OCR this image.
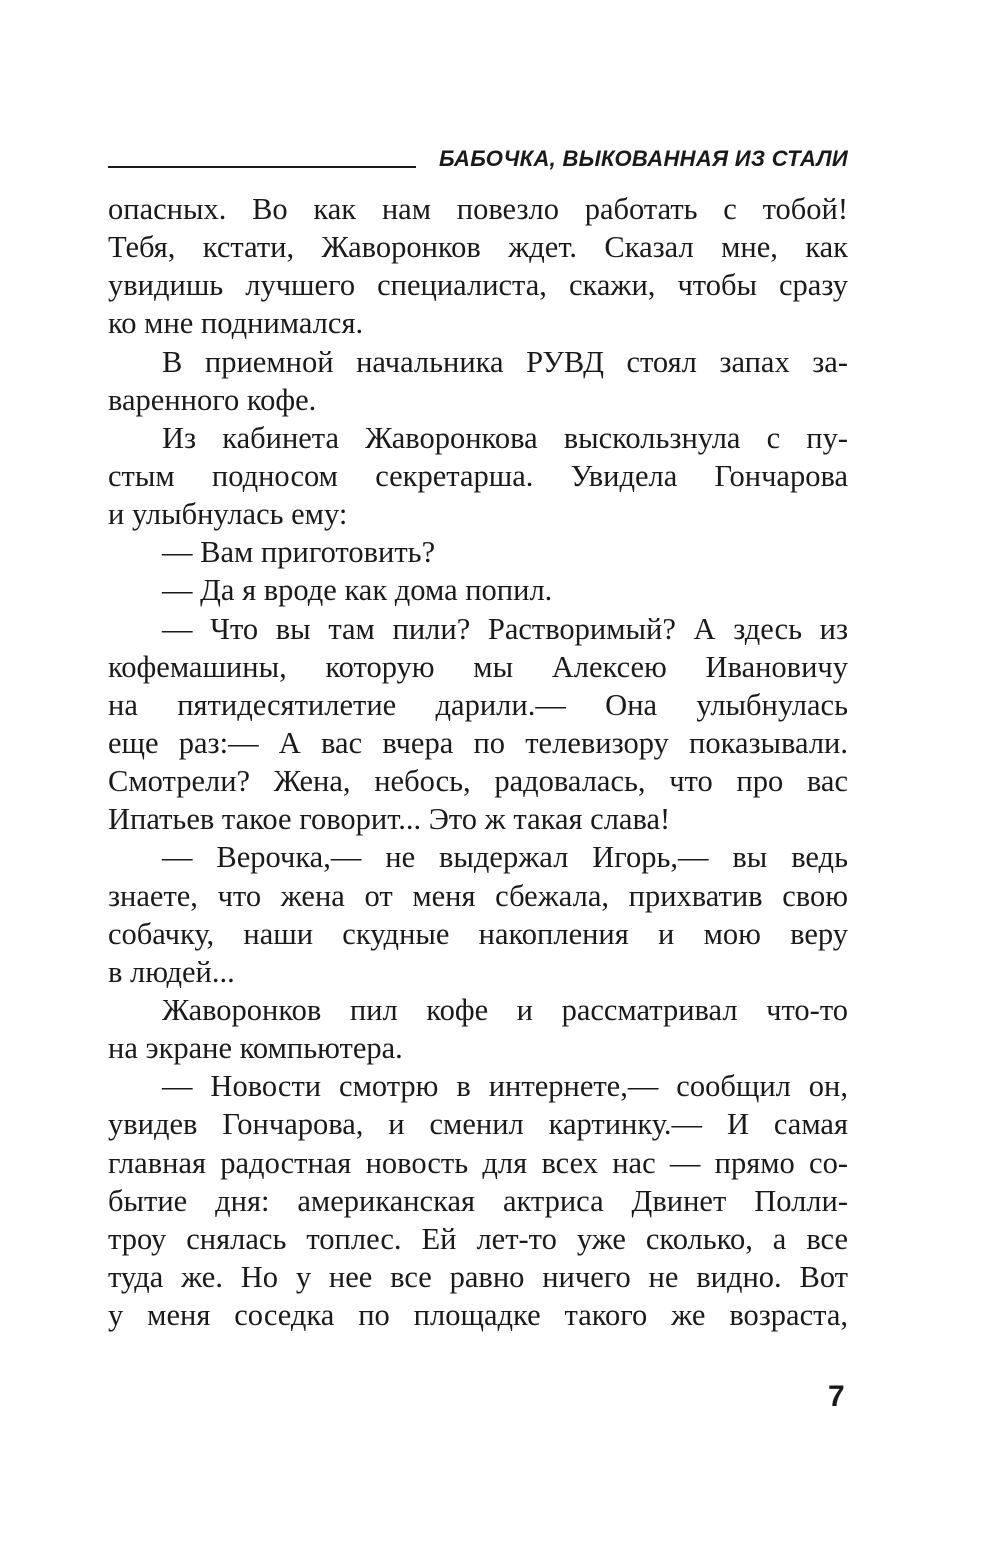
БАБОЧКА, ВЫКОВАННАЯ ИЗ СТАЛИ
опасных. Во как нам повезло работать с тобой!
Тебя, кстати, Жаворонков ждет. Сказал мне, как
увидишь лучшего специалиста, скажи, чтобы сразу
ко мне поднимался.
В приемной начальника РУВД стоял запах за-
варенного кофе.
Из кабинета Жаворонкова выскользнула с пу-
стым подносом секретарша. Увидела Гончарова
и улыбнулась ему:
— Вам приготовить?
— Да я вроде как дома попил.
— Что вы там пили? Растворимый? А здесь из
кофемашины, которую мы Алексею Ивановичу
на пятидесятилетие дарили.— Она улыбнулась
еще раз:— А вас вчера по телевизору показывали.
Смотрели? Жена, небось, радовалась, что про вас
Ипатьев такое говорит... Это ж такая слава!
— Верочка,— не выдержал Игорь,— вы ведь
знаете, что жена от меня сбежала, прихватив свою
собачку, наши скудные накопления и мою веру
в людей...
Жаворонков пил кофе и рассматривал что-то
на экране компьютера.
— Новости смотрю в интернете,— сообщил он,
увидев Гончарова, и сменил картинку.— И самая
главная радостная новость для всех нас — прямо со-
бытие дня: американская актриса Двинет Полли-
троу снялась топлес. Ей лет-то уже сколько, а все
туда же. Но у нее все равно ничего не видно. Вот
у меня соседка по площадке такого же возраста,
7
